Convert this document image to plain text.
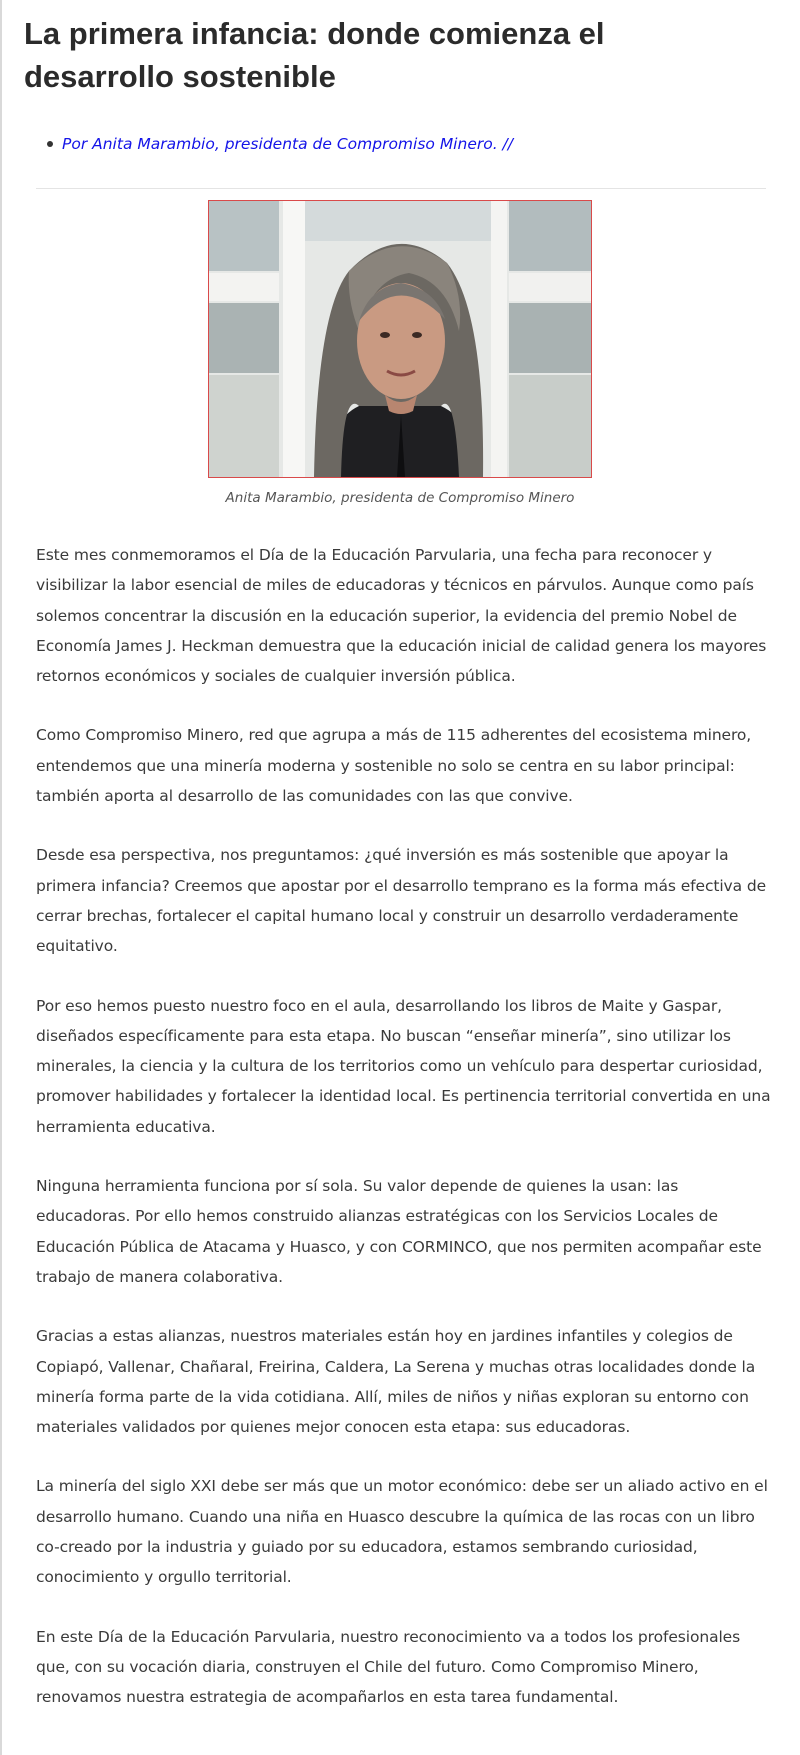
La primera infancia: donde comienza el desarrollo sostenible
Por Anita Marambio, presidenta de Compromiso Minero. //
Anita Marambio, presidenta de Compromiso Minero

Este mes conmemoramos el Día de la Educación Parvularia, una fecha para reconocer y visibilizar la labor esencial de miles de educadoras y técnicos en párvulos. Aunque como país solemos concentrar la discusión en la educación superior, la evidencia del premio Nobel de Economía James J. Heckman demuestra que la educación inicial de calidad genera los mayores retornos económicos y sociales de cualquier inversión pública.

Como Compromiso Minero, red que agrupa a más de 115 adherentes del ecosistema minero, entendemos que una minería moderna y sostenible no solo se centra en su labor principal: también aporta al desarrollo de las comunidades con las que convive.

Desde esa perspectiva, nos preguntamos: ¿qué inversión es más sostenible que apoyar la primera infancia? Creemos que apostar por el desarrollo temprano es la forma más efectiva de cerrar brechas, fortalecer el capital humano local y construir un desarrollo verdaderamente equitativo.

Por eso hemos puesto nuestro foco en el aula, desarrollando los libros de Maite y Gaspar, diseñados específicamente para esta etapa. No buscan “enseñar minería”, sino utilizar los minerales, la ciencia y la cultura de los territorios como un vehículo para despertar curiosidad, promover habilidades y fortalecer la identidad local. Es pertinencia territorial convertida en una herramienta educativa.

Ninguna herramienta funciona por sí sola. Su valor depende de quienes la usan: las educadoras. Por ello hemos construido alianzas estratégicas con los Servicios Locales de Educación Pública de Atacama y Huasco, y con CORMINCO, que nos permiten acompañar este trabajo de manera colaborativa.

Gracias a estas alianzas, nuestros materiales están hoy en jardines infantiles y colegios de Copiapó, Vallenar, Chañaral, Freirina, Caldera, La Serena y muchas otras localidades donde la minería forma parte de la vida cotidiana. Allí, miles de niños y niñas exploran su entorno con materiales validados por quienes mejor conocen esta etapa: sus educadoras.

La minería del siglo XXI debe ser más que un motor económico: debe ser un aliado activo en el desarrollo humano. Cuando una niña en Huasco descubre la química de las rocas con un libro co-creado por la industria y guiado por su educadora, estamos sembrando curiosidad, conocimiento y orgullo territorial.

En este Día de la Educación Parvularia, nuestro reconocimiento va a todos los profesionales que, con su vocación diaria, construyen el Chile del futuro. Como Compromiso Minero, renovamos nuestra estrategia de acompañarlos en esta tarea fundamental.
